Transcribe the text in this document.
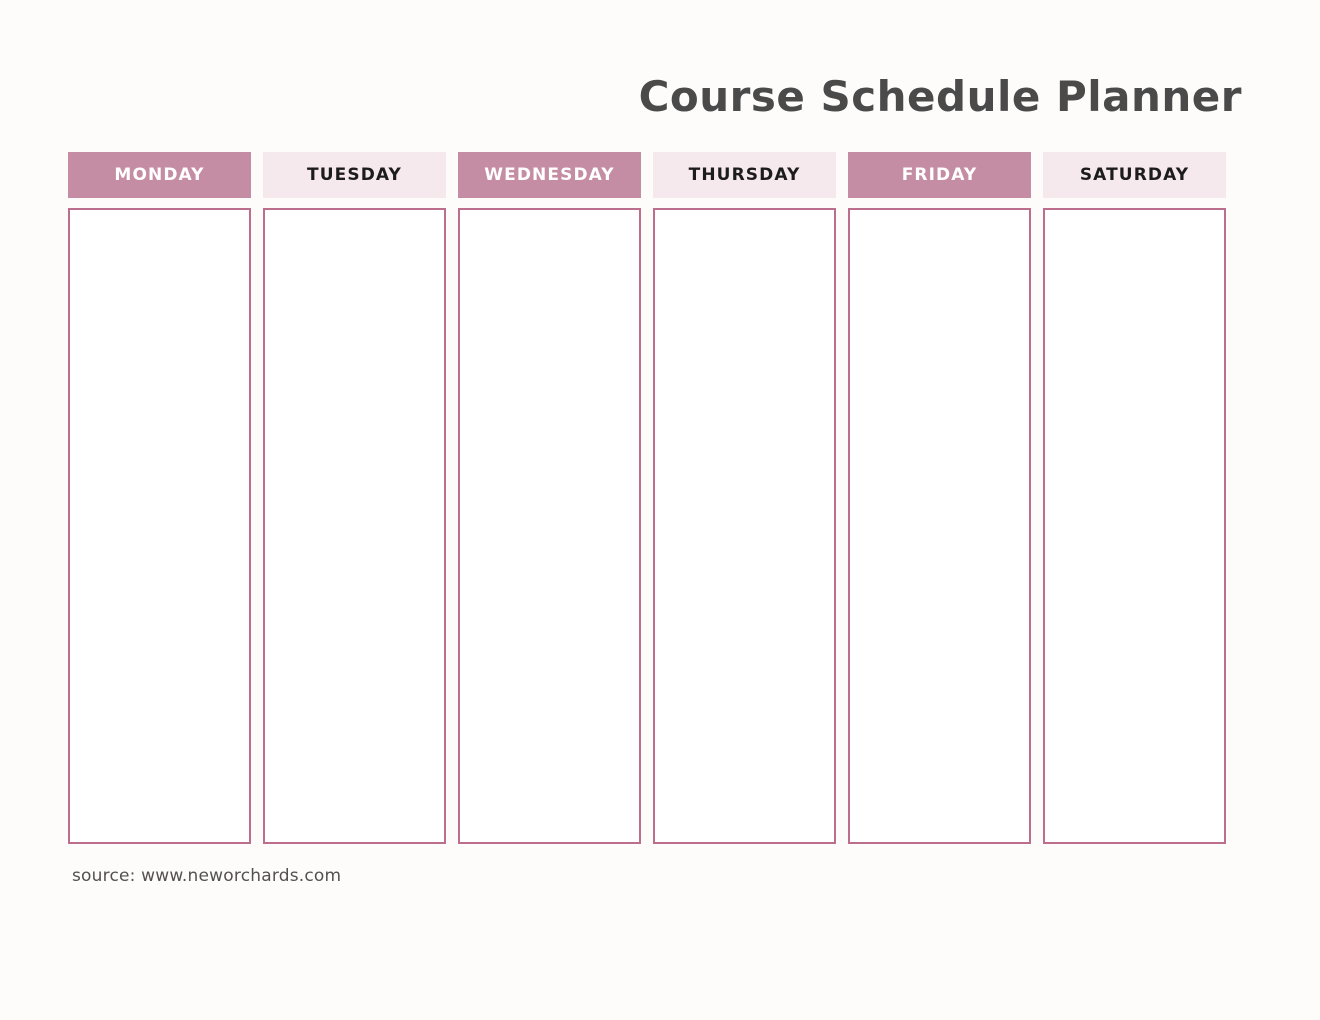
Course Schedule Planner
MONDAY	TUESDAY	WEDNESDAY	THURSDAY	FRIDAY	SATURDAY
source: www.neworchards.com
